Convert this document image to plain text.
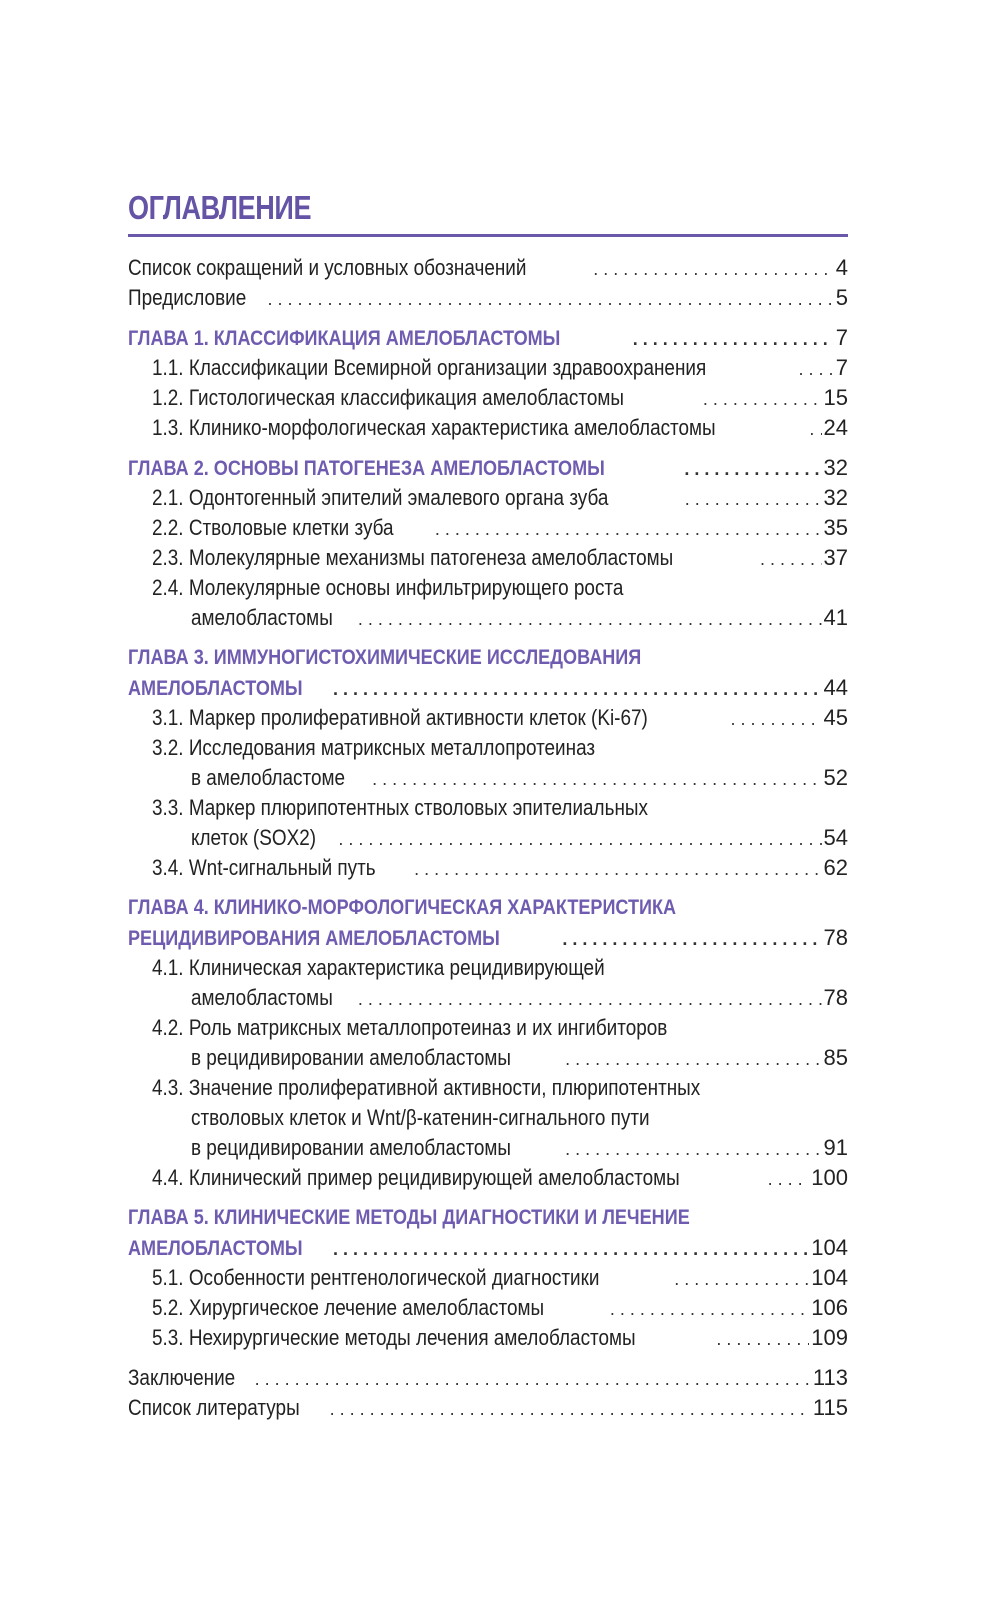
ОГЛАВЛЕНИЕ
Список сокращений и условных обозначений . . .	4
Предисловие . . .	5
ГЛАВА 1. КЛАССИФИКАЦИЯ АМЕЛОБЛАСТОМЫ . . .	7
1.1. Классификации Всемирной организации здравоохранения . . .	7
1.2. Гистологическая классификация амелобластомы . . .	15
1.3. Клинико-морфологическая характеристика амелобластомы . . .	24
ГЛАВА 2. ОСНОВЫ ПАТОГЕНЕЗА АМЕЛОБЛАСТОМЫ . . .	32
2.1. Одонтогенный эпителий эмалевого органа зуба . . .	32
2.2. Стволовые клетки зуба . . .	35
2.3. Молекулярные механизмы патогенеза амелобластомы . . .	37
2.4. Молекулярные основы инфильтрирующего роста
амелобластомы . . .	41
ГЛАВА 3. ИММУНОГИСТОХИМИЧЕСКИЕ ИССЛЕДОВАНИЯ
АМЕЛОБЛАСТОМЫ . . .	44
3.1. Маркер пролиферативной активности клеток (Ki-67) . . .	45
3.2. Исследования матриксных металлопротеиназ
в амелобластоме . . .	52
3.3. Маркер плюрипотентных стволовых эпителиальных
клеток (SOX2) . . .	54
3.4. Wnt-сигнальный путь . . .	62
ГЛАВА 4. КЛИНИКО-МОРФОЛОГИЧЕСКАЯ ХАРАКТЕРИСТИКА
РЕЦИДИВИРОВАНИЯ АМЕЛОБЛАСТОМЫ . . .	78
4.1. Клиническая характеристика рецидивирующей
амелобластомы . . .	78
4.2. Роль матриксных металлопротеиназ и их ингибиторов
в рецидивировании амелобластомы . . .	85
4.3. Значение пролиферативной активности, плюрипотентных
стволовых клеток и Wnt/β-катенин-сигнального пути
в рецидивировании амелобластомы . . .	91
4.4. Клинический пример рецидивирующей амелобластомы . . .	100
ГЛАВА 5. КЛИНИЧЕСКИЕ МЕТОДЫ ДИАГНОСТИКИ И ЛЕЧЕНИЕ
АМЕЛОБЛАСТОМЫ . . .	104
5.1. Особенности рентгенологической диагностики . . .	104
5.2. Хирургическое лечение амелобластомы . . .	106
5.3. Нехирургические методы лечения амелобластомы . . .	109
Заключение . . .	113
Список литературы . . .	115
